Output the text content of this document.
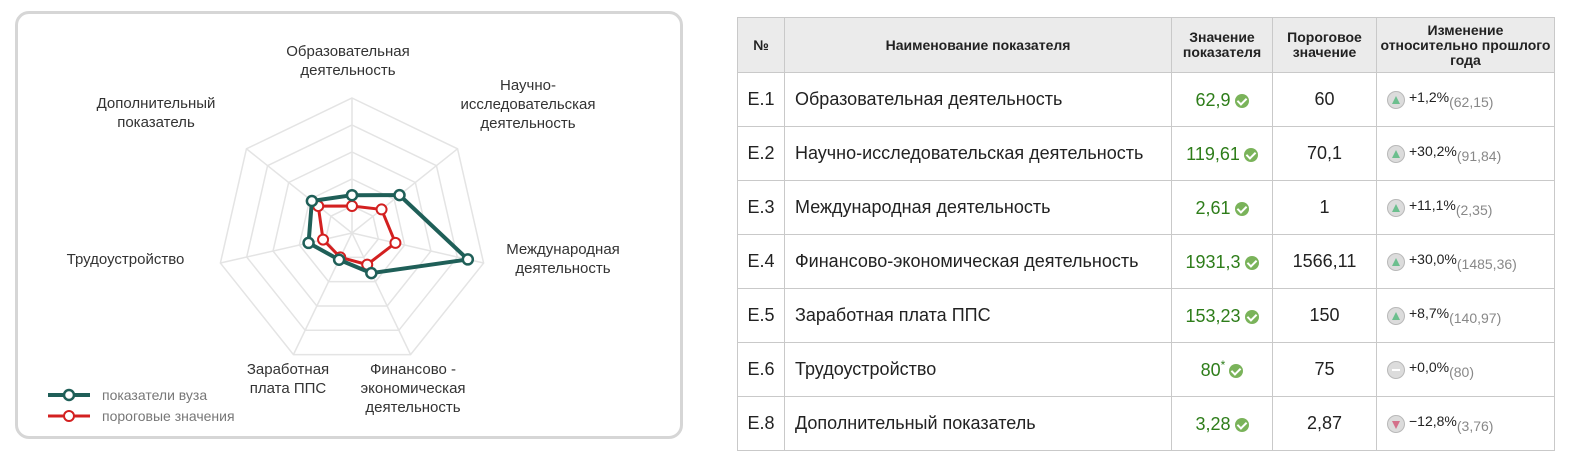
Образовательная
деятельность
Научно-
исследовательская
деятельность
Международная
деятельность
Финансово -
экономическая
деятельность
Заработная
плата ППС
Трудоустройство
Дополнительный
показатель
показатели вуза
пороговые значения
№	Наименование показателя	Значение показателя	Пороговое значение	Изменение относительно прошлого года
Е.1	Образовательная деятельность	62,9	60	$^{+1,2\%}$(62,15)
Е.2	Научно-исследовательская деятельность	119,61	70,1	$^{+30,2\%}$(91,84)
Е.3	Международная деятельность	2,61	1	$^{+11,1\%}$(2,35)
Е.4	Финансово-экономическая деятельность	1931,3	1566,11	$^{+30,0\%}$(1485,36)
Е.5	Заработная плата ППС	153,23	150	$^{+8,7\%}$(140,97)
Е.6	Трудоустройство	80*	75	$^{+0,0\%}$(80)
Е.8	Дополнительный показатель	3,28	2,87	$^{-12,8\%}$(3,76)
